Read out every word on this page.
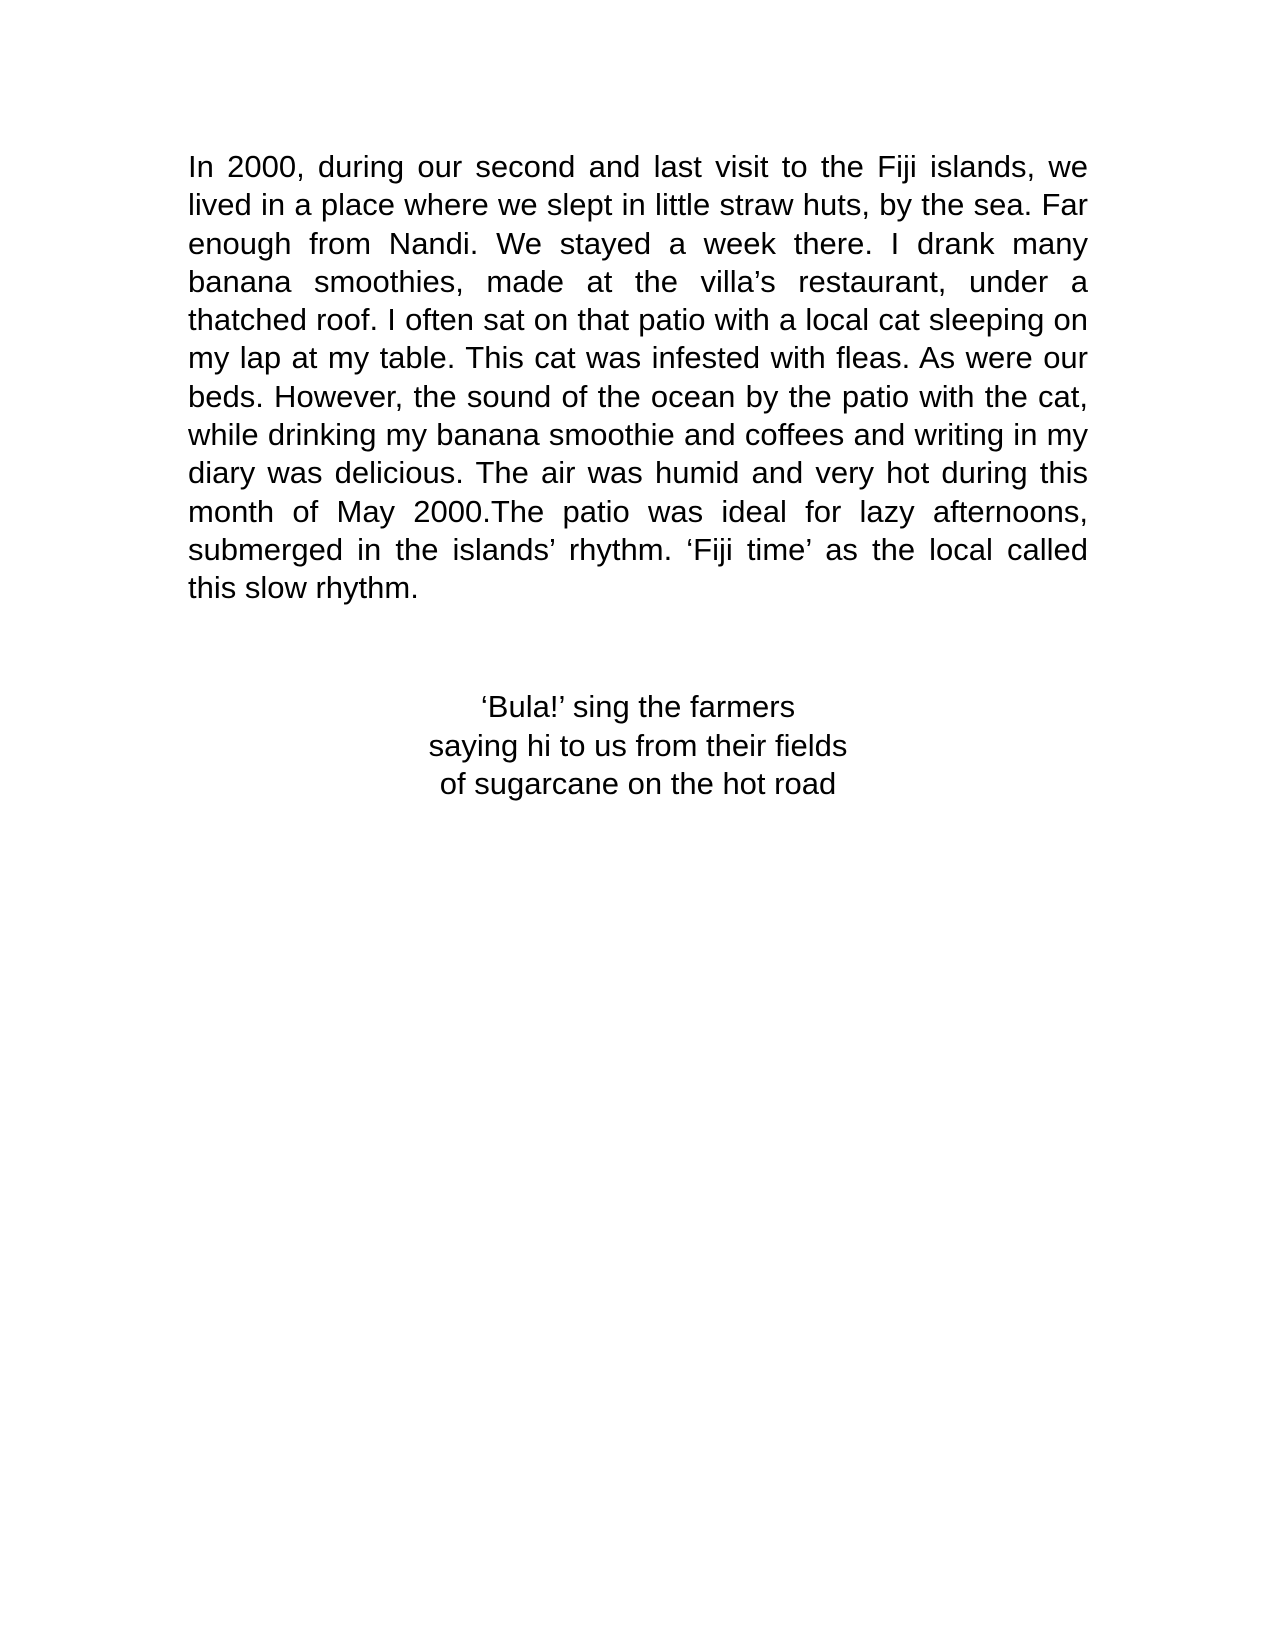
In 2000, during our second and last visit to the Fiji islands, we lived in a place where we slept in little straw huts, by the sea. Far enough from Nandi. We stayed a week there. I drank many banana smoothies, made at the villa’s restaurant, under a thatched roof. I often sat on that patio with a local cat sleeping on my lap at my table. This cat was infested with fleas. As were our beds. However, the sound of the ocean by the patio with the cat, while drinking my banana smoothie and coffees and writing in my diary was delicious. The air was humid and very hot during this month of May 2000.The patio was ideal for lazy afternoons, submerged in the islands’ rhythm. ‘Fiji time’ as the local called this slow rhythm.

‘Bula!’ sing the farmers
saying hi to us from their fields
of sugarcane on the hot road
